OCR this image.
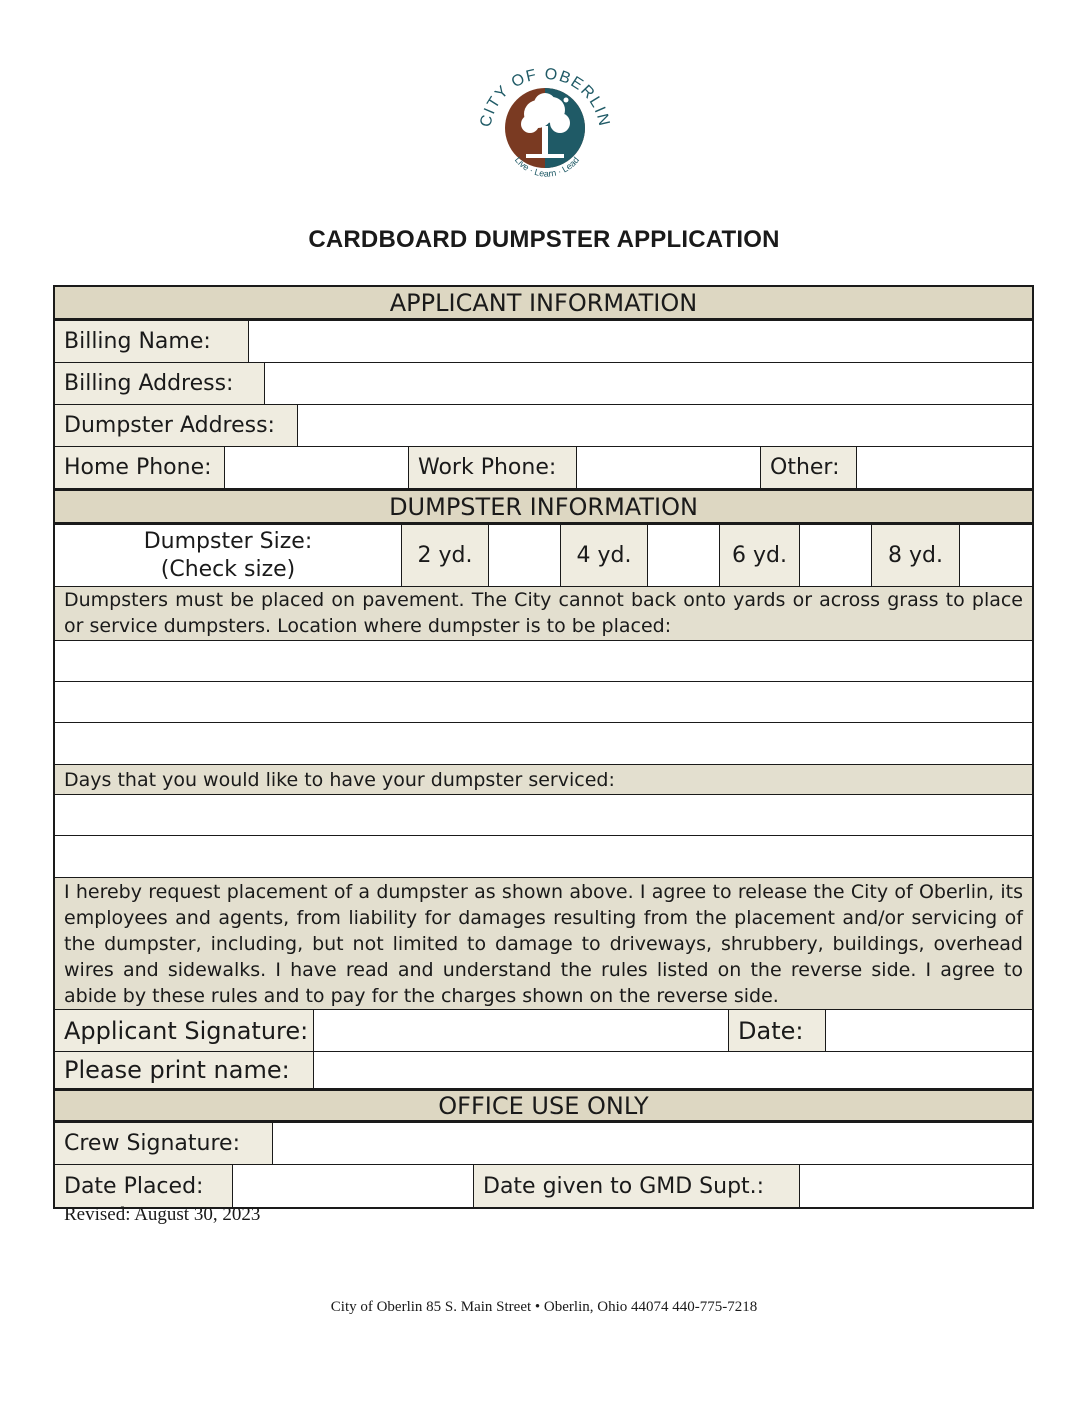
CITY OF OBERLIN
Live · Learn · Lead
CARDBOARD DUMPSTER APPLICATION
APPLICANT INFORMATION
Billing Name:
Billing Address:
Dumpster Address:
Home Phone:	Work Phone:	Other:
DUMPSTER INFORMATION
Dumpster Size:
(Check size)
2 yd.	4 yd.	6 yd.	8 yd.
Dumpsters must be placed on pavement. The City cannot back onto yards or across grass to place or service dumpsters. Location where dumpster is to be placed:
Days that you would like to have your dumpster serviced:
I hereby request placement of a dumpster as shown above. I agree to release the City of Oberlin, its employees and agents, from liability for damages resulting from the placement and/or servicing of the dumpster, including, but not limited to damage to driveways, shrubbery, buildings, overhead wires and sidewalks. I have read and understand the rules listed on the reverse side. I agree to abide by these rules and to pay for the charges shown on the reverse side.
Applicant Signature:	Date:
Please print name:
OFFICE USE ONLY
Crew Signature:
Date Placed:	Date given to GMD Supt.:
Revised: August 30, 2023
City of Oberlin 85 S. Main Street • Oberlin, Ohio 44074 440-775-7218
